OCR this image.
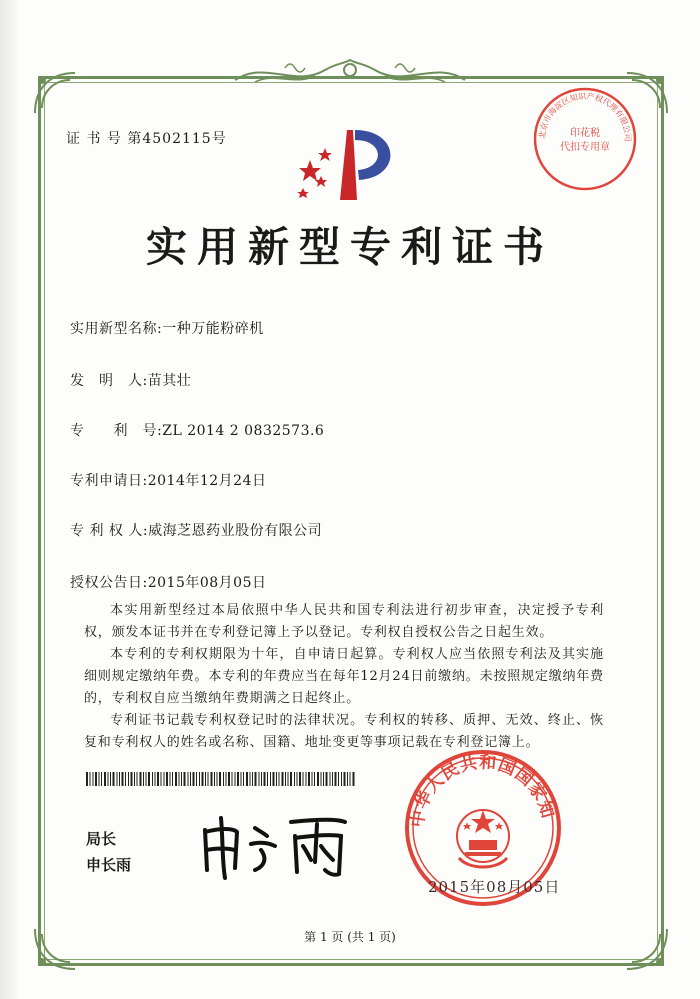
北京市海淀区知识产权代理有限公司
印花税
代扣专用章
证 书 号 第4502115号
实用新型专利证书
实用新型名称:一种万能粉碎机
发　明　人:苗其壮
专　　利　号:ZL 2014 2 0832573.6
专利申请日:2014年12月24日
专 利 权 人:威海芝恩药业股份有限公司
授权公告日:2015年08月05日

本实用新型经过本局依照中华人民共和国专利法进行初步审查，决定授予专利权，颁发本证书并在专利登记簿上予以登记。专利权自授权公告之日起生效。

本专利的专利权期限为十年，自申请日起算。专利权人应当依照专利法及其实施细则规定缴纳年费。本专利的年费应当在每年12月24日前缴纳。未按照规定缴纳年费的，专利权自应当缴纳年费期满之日起终止。

专利证书记载专利权登记时的法律状况。专利权的转移、质押、无效、终止、恢复和专利权人的姓名或名称、国籍、地址变更等事项记载在专利登记簿上。

局长
申长雨
中华人民共和国国家知
2015年08月05日
第 1 页 (共 1 页)
